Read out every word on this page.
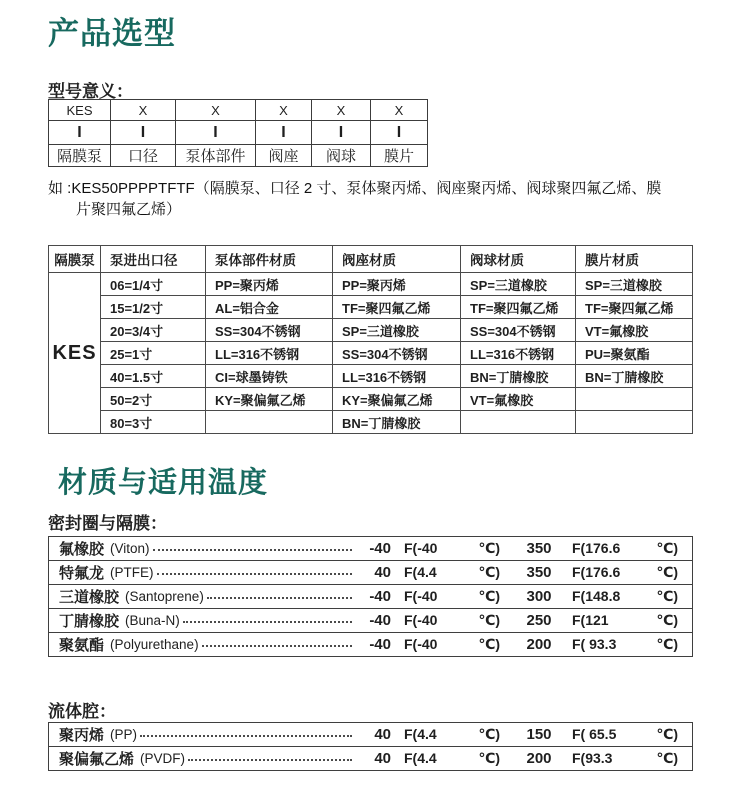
产品选型
型号意义：
KES	X	X	X	X	X
I	I	I	I	I	I
隔膜泵	口径	泵体部件	阀座	阀球	膜片
如 :KES50PPPPTFTF（隔膜泵、口径 2 寸、泵体聚丙烯、阀座聚丙烯、阀球聚四氟乙烯、膜
片聚四氟乙烯）
隔膜泵	泵进出口径	泵体部件材质	阀座材质	阀球材质	膜片材质
KES	06=1/4寸	PP=聚丙烯	PP=聚丙烯	SP=三道橡胶	SP=三道橡胶
	15=1/2寸	AL=铝合金	TF=聚四氟乙烯	TF=聚四氟乙烯	TF=聚四氟乙烯
	20=3/4寸	SS=304不锈钢	SP=三道橡胶	SS=304不锈钢	VT=氟橡胶
	25=1寸	LL=316不锈钢	SS=304不锈钢	LL=316不锈钢	PU=聚氨酯
	40=1.5寸	CI=球墨铸铁	LL=316不锈钢	BN=丁腈橡胶	BN=丁腈橡胶
	50=2寸	KY=聚偏氟乙烯	KY=聚偏氟乙烯	VT=氟橡胶	
	80=3寸		BN=丁腈橡胶		
材质与适用温度
密封圈与隔膜：
氟橡胶 (Viton)	-40 F(-40	℃)	350	F(176.6	℃)
特氟龙 (PTFE)	40 F(4.4	℃)	350	F(176.6	℃)
三道橡胶 (Santoprene)	-40 F(-40	℃)	300	F(148.8	℃)
丁腈橡胶 (Buna-N)	-40 F(-40	℃)	250	F(121	℃)
聚氨酯 (Polyurethane)	-40 F(-40	℃)	200	F( 93.3	℃)
流体腔：
聚丙烯 (PP)	40 F(4.4	℃)	150	F( 65.5	℃)
聚偏氟乙烯 (PVDF)	40 F(4.4	℃)	200	F(93.3	℃)
